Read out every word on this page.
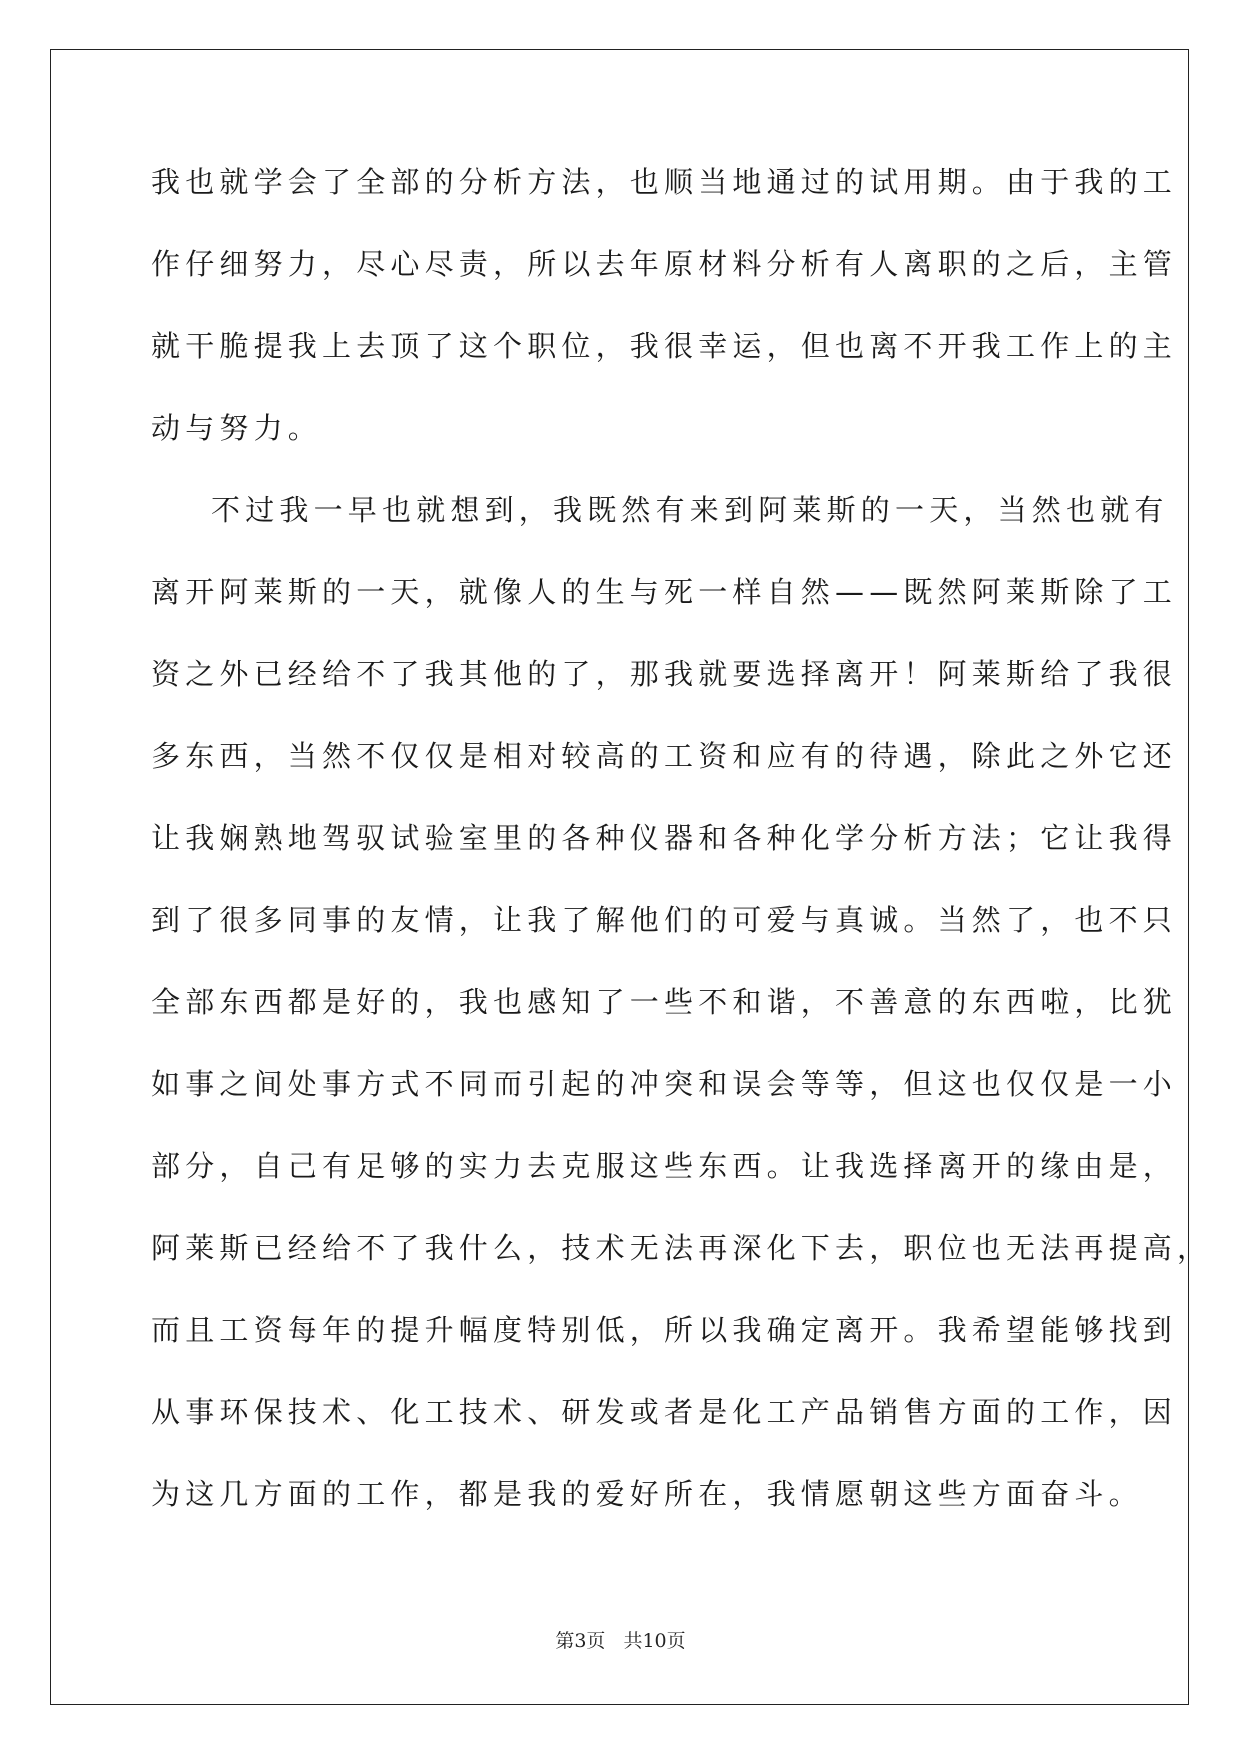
我也就学会了全部的分析方法，也顺当地通过的试用期。由于我的工
作仔细努力，尽心尽责，所以去年原材料分析有人离职的之后，主管
就干脆提我上去顶了这个职位，我很幸运，但也离不开我工作上的主
动与努力。
不过我一早也就想到，我既然有来到阿莱斯的一天，当然也就有
离开阿莱斯的一天，就像人的生与死一样自然——既然阿莱斯除了工
资之外已经给不了我其他的了，那我就要选择离开！阿莱斯给了我很
多东西，当然不仅仅是相对较高的工资和应有的待遇，除此之外它还
让我娴熟地驾驭试验室里的各种仪器和各种化学分析方法；它让我得
到了很多同事的友情，让我了解他们的可爱与真诚。当然了，也不只
全部东西都是好的，我也感知了一些不和谐，不善意的东西啦，比犹
如事之间处事方式不同而引起的冲突和误会等等，但这也仅仅是一小
部分，自己有足够的实力去克服这些东西。让我选择离开的缘由是，
阿莱斯已经给不了我什么，技术无法再深化下去，职位也无法再提高，
而且工资每年的提升幅度特别低，所以我确定离开。我希望能够找到
从事环保技术、化工技术、研发或者是化工产品销售方面的工作，因
为这几方面的工作，都是我的爱好所在，我情愿朝这些方面奋斗。
第3页 共10页
